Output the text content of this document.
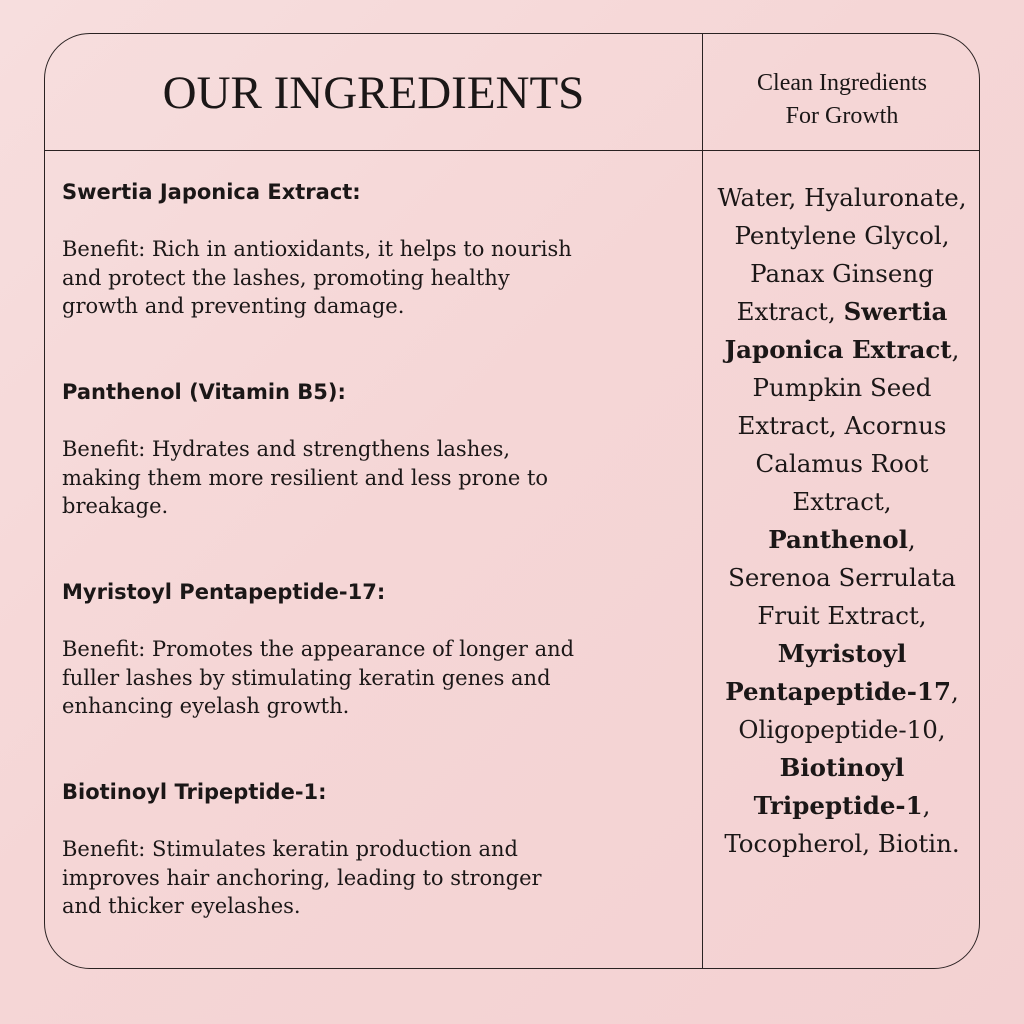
OUR INGREDIENTS	Clean Ingredients
For Growth
Swertia Japonica Extract:
Benefit: Rich in antioxidants, it helps to nourish and protect the lashes, promoting healthy growth and preventing damage.
Panthenol (Vitamin B5):
Benefit: Hydrates and strengthens lashes, making them more resilient and less prone to breakage.
Myristoyl Pentapeptide-17:
Benefit: Promotes the appearance of longer and fuller lashes by stimulating keratin genes and enhancing eyelash growth.
Biotinoyl Tripeptide-1:
Benefit: Stimulates keratin production and improves hair anchoring, leading to stronger and thicker eyelashes.
Water, Hyaluronate, Pentylene Glycol, Panax Ginseng Extract, Swertia Japonica Extract, Pumpkin Seed Extract, Acornus Calamus Root Extract, Panthenol, Serenoa Serrulata Fruit Extract, Myristoyl Pentapeptide-17, Oligopeptide-10, Biotinoyl Tripeptide-1, Tocopherol, Biotin.
